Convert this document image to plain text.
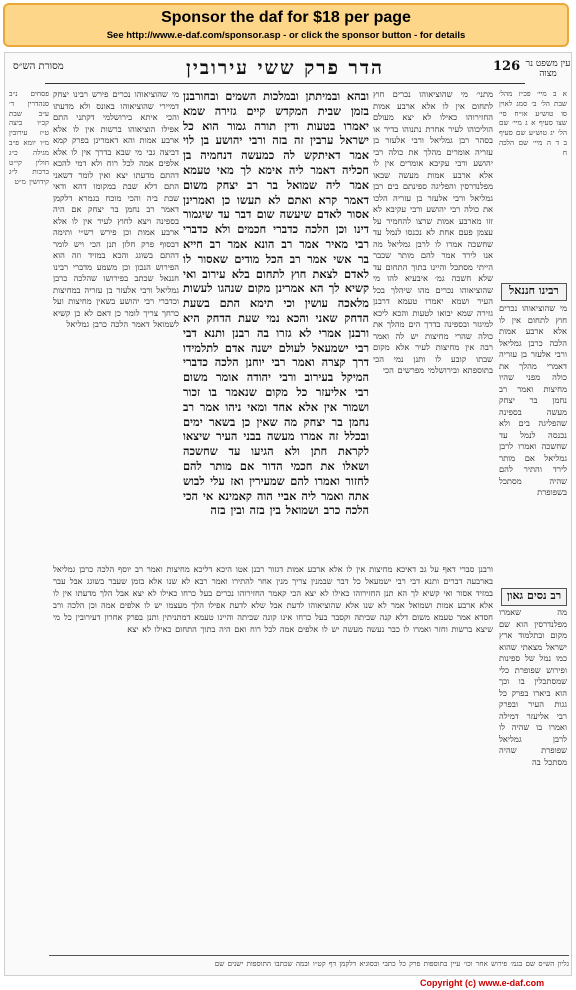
Sponsor the daf for $18 per page
See http://www.e-daf.com/sponsor.asp - or click the sponsor button - for details
מסורת הש״ס	הדר פרק ששי עירובין	126 עין משפט נר מצוה
א ב מיי׳ פכ״ז מהל׳ שבת הל׳ ב׳ סמג לאוין סו טוש״ע או״ח סי׳ שצו סעיף א ג מיי׳ שם הל׳ יג טוש״ע שם סעיף ב ד ה מיי׳ שם הלכה ח
רבינו חננאל
מי שהוציאוהו נכרים חוץ לתחום אין לו אלא ארבע אמות הלכה כרבן גמליאל ורבי אלעזר בן עזריה דאמרי מהלך את כולה מפני שהיו מחיצות ואמר רב נחמן בר יצחק מעשה בספינה שהפליגה בים ולא נכנסה לנמל עד שחשכה ואמרו לרבן גמליאל אם מותר לירד והתיר להם שהיה מסתכל בשפופרת
רב נסים גאון
מה שאמרו מפלנדרסין הוא שם מקום ובתלמוד ארץ ישראל מצאתי שהוא כמו נמל של ספינות ופירוש שפופרת כלי שמסתכלין בו וכך הוא ביארו בפרק כל גגות העיר ובפרק רבי אליעזר דמילה ואמרו בו שהיה לו לרבן גמליאל שפופרת שהיה מסתכל בה
מתני׳ מי שהוציאוהו נכרים חוץ לתחום אין לו אלא ארבע אמות החזירוהו כאילו לא יצא מעולם הוליכוהו לעיר אחרת נתנוהו בדיר או בסהר רבן גמליאל ורבי אלעזר בן עזריה אומרים מהלך את כולה רבי יהושע ורבי עקיבא אומרים אין לו אלא ארבע אמות מעשה שבאו מפלנדרסין והפליגה ספינתם בים רבן גמליאל ורבי אלעזר בן עזריה הלכו את כולה רבי יהושע ורבי עקיבא לא זזו מארבע אמות שרצו להחמיר על עצמן פעם אחת לא נכנסו לנמל עד שחשכה אמרו לו לרבן גמליאל מה אנו לירד אמר להם מותר שכבר הייתי מסתכל והיינו בתוך התחום עד שלא חשכה גמ׳ איבעיא להו מי שהוציאוהו נכרים מהו שיהלך בכל העיר ושמא יאמרו טעמא דרבנן גזירה שמא יבואו לטעות והכא ליכא למיגזר ובספינה בדרך הים מהלך את כולה שהרי מחיצות יש לה ואמר רבה אין מחיצות לעיר אלא מקום שבתו קובע לו ותנן נמי הכי בתוספתא ובירושלמי מפרשים הכי
ובהא ובמיתתן ובמלכות השמים ובחורבנן בזמן שבית המקדש קיים גזירה שמא יאמרו בטעות ודין תורה גמור הוא כל ישראל ערבין זה בזה ורבי יהושע בן לוי אמר דאיתקש לה כמעשה דנחמיה בן חכליה דאמר ליה אימא לך מאי טעמא אמר ליה שמואל בר רב יצחק משום דאמר קרא ואתם לא תעשו כן ואמרינן אסור לאדם שיעשה שום דבר עד שיגמור דינו וכן הלכה כדברי חכמים ולא כדברי רבי מאיר אמר רב הונא אמר רב חייא בר אשי אמר רב הכל מודים שאסור לו לאדם לצאת חוץ לתחום בלא עירוב ואי קשיא לך הא אמרינן מקום שנהגו לעשות מלאכה עושין וכי תימא התם בשעת הדחק שאני והכא נמי שעת הדחק היא ורבנן אמרי לא גזרו בה רבנן ותנא דבי רבי ישמעאל לעולם ישנה אדם לתלמידו דרך קצרה ואמר רבי יוחנן הלכה כדברי המיקל בעירוב ורבי יהודה אומר משום רבי אליעזר כל מקום שנאמר בו זכור ושמור אין אלא אחד ומאי ניהו אמר רב נחמן בר יצחק מה שאין כן בשאר ימים ובכלל זה אמרו מעשה בבני העיר שיצאו לקראת חתן ולא הגיעו עד שחשכה ושאלו את חכמי הדור אם מותר להם לחזור ואמרו להם שמעירין ואז עלי לבוש אתה ואמר ליה אביי הוה קאמינא אי הכי הלכה כרב ושמואל בין בזה ובין בזה
מי שהוציאוהו נכרים פירש רבינו יצחק דמיירי שהוציאוהו באונס ולא מדעתו והכי איתא בירושלמי דקתני התם אפילו הוציאוהו ברשות אין לו אלא ארבע אמות והא דאמרינן בפרק קמא דביצה גבי מי שבא בדרך אין לו אלא אלפים אמה לכל רוח ולא דמי להכא דהתם מדעתו יצא ואין לומר דשאני התם דלא שבת במקומו דהא ודאי שבת ביה והכי מוכח בגמרא דלקמן דאמר רב נחמן בר יצחק אם היה בספינה ויצא לחוץ לעיר אין לו אלא ארבע אמות וכן פירש רש״י ותימה דבסוף פרק חלון תנן הכי ויש לומר דהתם בשוגג והכא במזיד וזה הוא הפירוש הנכון וכן משמע מדברי רבינו חננאל שכתב בפירושו שהלכה כרבן גמליאל ורבי אלעזר בן עזריה במחיצות וכדברי רבי יהושע בשאין מחיצות ועל כרחך צריך לומר כן דאם לא כן קשיא לשמואל דאמר הלכה כרבן גמליאל
פסחים נ״ב סנהדרין ד׳ ע״ב שבת קכ״ו ביצה ט״ז עירובין מ״ו יומא פ״ב מגילה כ״ג חולין קי״ט ברכות ל״ג קידושין מ״ט
ורבנן סברי דאף על גב דאיכא מחיצות אין לו אלא ארבע אמות דגזור רבנן אטו היכא דליכא מחיצות ואמר רב יוסף הלכה כרבן גמליאל בארבעה דברים ותנא דבי רבי ישמעאל כל דבר שבמנין צריך מנין אחר להתירו ואמר רבא לא שנו אלא בזמן שעבר בשוגג אבל עבר במזיד אסור ואי קשיא לך הא תנן החזירוהו כאילו לא יצא הכי קאמר החזירוהו נכרים בעל כרחו כאילו לא יצא אבל הלך מדעתו אין לו אלא ארבע אמות ושמואל אמר לא שנו אלא שהוציאוהו לדעת אבל שלא לדעת אפילו הלך מעצמו יש לו אלפים אמה וכן הלכה ורב חסדא אמר טעמא משום דלא קנה שביתה וקסבר בעל כרחו אינו קונה שביתה והיינו טעמא דמתניתין ותנן בפרק אחרון דעירובין כל מי שיצא ברשות וחזר ואמרו לו כבר נעשה מעשה יש לו אלפים אמה לכל רוח ואם היה בתוך התחום כאילו לא יצא
גליון הש״ס שם בגמ׳ פירוש אחר וכו׳ עיין בתוספות פרק כל כתבי ובסוגיא דלקמן דף קט״ו ובמה שכתבו התוספות ישנים שם
Copyright (c) www.e-daf.com
